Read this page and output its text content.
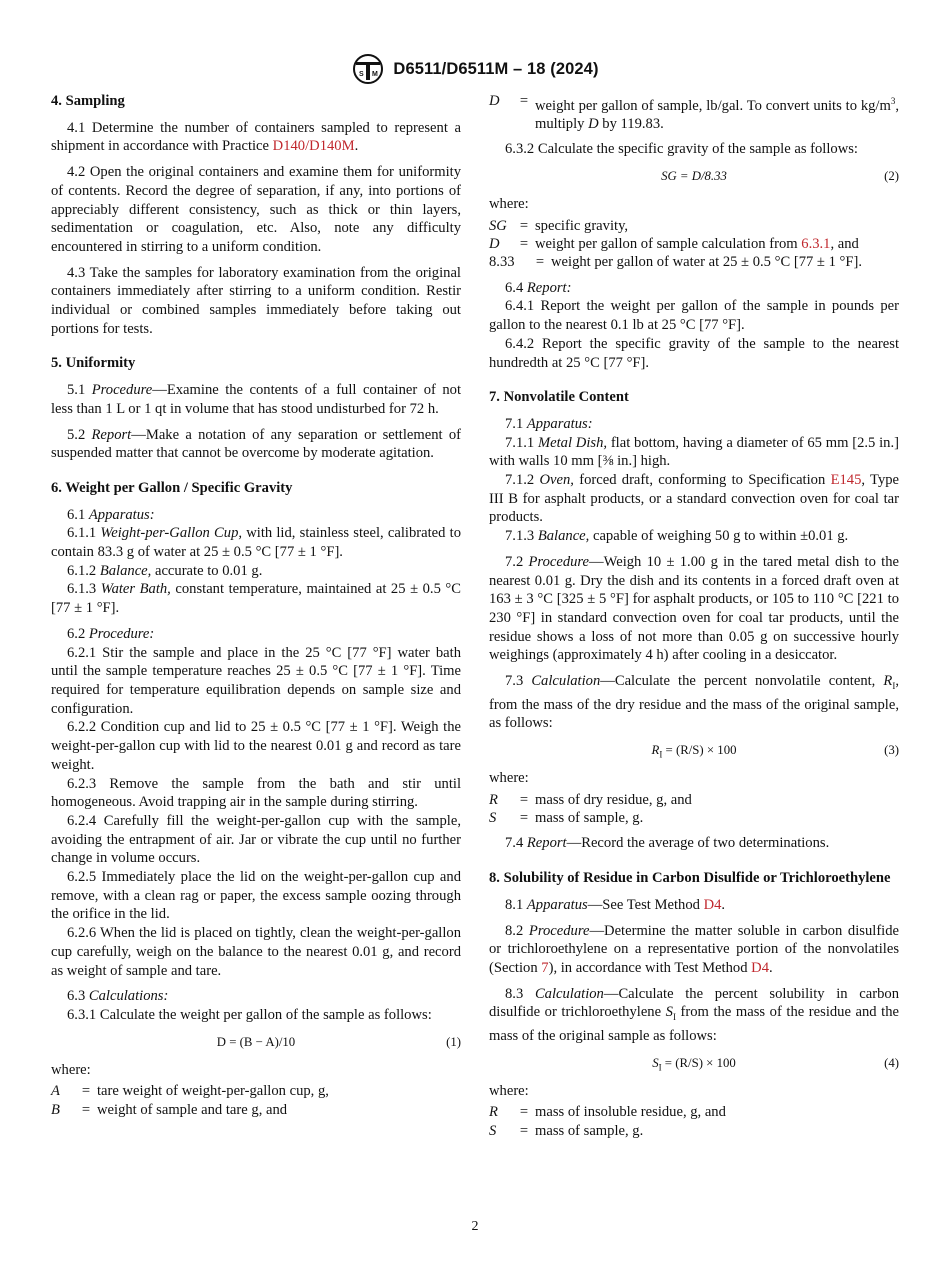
S M D6511/D6511M – 18 (2024)
4. Sampling

4.1 Determine the number of containers sampled to represent a shipment in accordance with Practice D140/D140M.

4.2 Open the original containers and examine them for uniformity of contents. Record the degree of separation, if any, into portions of appreciably different consistency, such as thick or thin layers, sedimentation or coagulation, etc. Also, note any difficulty encountered in stirring to a uniform condition.

4.3 Take the samples for laboratory examination from the original containers immediately after stirring to a uniform condition. Restir individual or combined samples immediately before taking out portions for tests.

5. Uniformity

5.1 Procedure—Examine the contents of a full container of not less than 1 L or 1 qt in volume that has stood undisturbed for 72 h.

5.2 Report—Make a notation of any separation or settlement of suspended matter that cannot be overcome by moderate agitation.

6. Weight per Gallon / Specific Gravity

6.1 Apparatus:

6.1.1 Weight-per-Gallon Cup, with lid, stainless steel, calibrated to contain 83.3 g of water at 25 ± 0.5 °C [77 ± 1 °F].

6.1.2 Balance, accurate to 0.01 g.

6.1.3 Water Bath, constant temperature, maintained at 25 ± 0.5 °C [77 ± 1 °F].

6.2 Procedure:

6.2.1 Stir the sample and place in the 25 °C [77 °F] water bath until the sample temperature reaches 25 ± 0.5 °C [77 ± 1 °F]. Time required for temperature equilibration depends on sample size and configuration.

6.2.2 Condition cup and lid to 25 ± 0.5 °C [77 ± 1 °F]. Weigh the weight-per-gallon cup with lid to the nearest 0.01 g and record as tare weight.

6.2.3 Remove the sample from the bath and stir until homogeneous. Avoid trapping air in the sample during stirring.

6.2.4 Carefully fill the weight-per-gallon cup with the sample, avoiding the entrapment of air. Jar or vibrate the cup until no further change in volume occurs.

6.2.5 Immediately place the lid on the weight-per-gallon cup and remove, with a clean rag or paper, the excess sample oozing through the orifice in the lid.

6.2.6 When the lid is placed on tightly, clean the weight-per-gallon cup carefully, weigh on the balance to the nearest 0.01 g, and record as weight of sample and tare.

6.3 Calculations:

6.3.1 Calculate the weight per gallon of the sample as follows:

D = (B − A)/10	(1)
where:
A	= tare weight of weight-per-gallon cup, g,
B	= weight of sample and tare g, and
D	= weight per gallon of sample, lb/gal. To convert units to $kg/m^3$, multiply D by 119.83.

6.3.2 Calculate the specific gravity of the sample as follows:

SG = D/8.33	(2)
where:
SG = specific gravity,
D	= weight per gallon of sample calculation from 6.3.1, and
8.33	= weight per gallon of water at 25 ± 0.5 °C [77 ± 1 °F].

6.4 Report:

6.4.1 Report the weight per gallon of the sample in pounds per gallon to the nearest 0.1 lb at 25 °C [77 °F].

6.4.2 Report the specific gravity of the sample to the nearest hundredth at 25 °C [77 °F].

7. Nonvolatile Content

7.1 Apparatus:

7.1.1 Metal Dish, flat bottom, having a diameter of 65 mm [2.5 in.] with walls 10 mm [⅜ in.] high.

7.1.2 Oven, forced draft, conforming to Specification E145, Type III B for asphalt products, or a standard convection oven for coal tar products.

7.1.3 Balance, capable of weighing 50 g to within ±0.01 g.

7.2 Procedure—Weigh 10 ± 1.00 g in the tared metal dish to the nearest 0.01 g. Dry the dish and its contents in a forced draft oven at 163 ± 3 °C [325 ± 5 °F] for asphalt products, or 105 to 110 °C [221 to 230 °F] in standard convection oven for coal tar products, until the residue shows a loss of not more than 0.05 g on successive hourly weighings (approximately 4 h) after cooling in a desiccator.

7.3 Calculation—Calculate the percent nonvolatile content, $R_I$, from the mass of the dry residue and the mass of the original sample, as follows:

$R_I = (R/S) \times 100$	(3)
where:
R	= mass of dry residue, g, and
S	= mass of sample, g.

7.4 Report—Record the average of two determinations.

8. Solubility of Residue in Carbon Disulfide or Trichloroethylene

8.1 Apparatus—See Test Method D4.

8.2 Procedure—Determine the matter soluble in carbon disulfide or trichloroethylene on a representative portion of the nonvolatiles (Section 7), in accordance with Test Method D4.

8.3 Calculation—Calculate the percent solubility in carbon disulfide or trichloroethylene $S_I$ from the mass of the residue and the mass of the original sample as follows:

$S_I = (R/S) \times 100$	(4)
where:
R	= mass of insoluble residue, g, and
S	= mass of sample, g.
2
